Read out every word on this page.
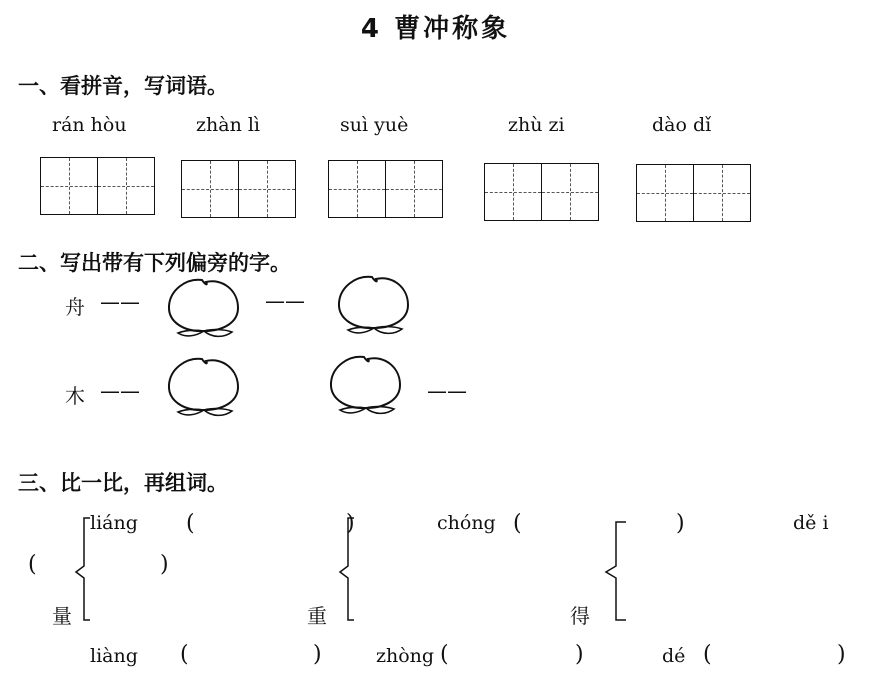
4 曹冲称象
一、看拼音，写词语。
rán hòu	zhàn lì	suì yuè	zhù zi	dào dǐ
二、写出带有下列偏旁的字。
舟 ——	——
木 ——	——
三、比一比，再组词。
liáng (	)
(	)
量
liàng (	)
chóng (	)
重
zhòng (	)
dě i
得
dé (	)
